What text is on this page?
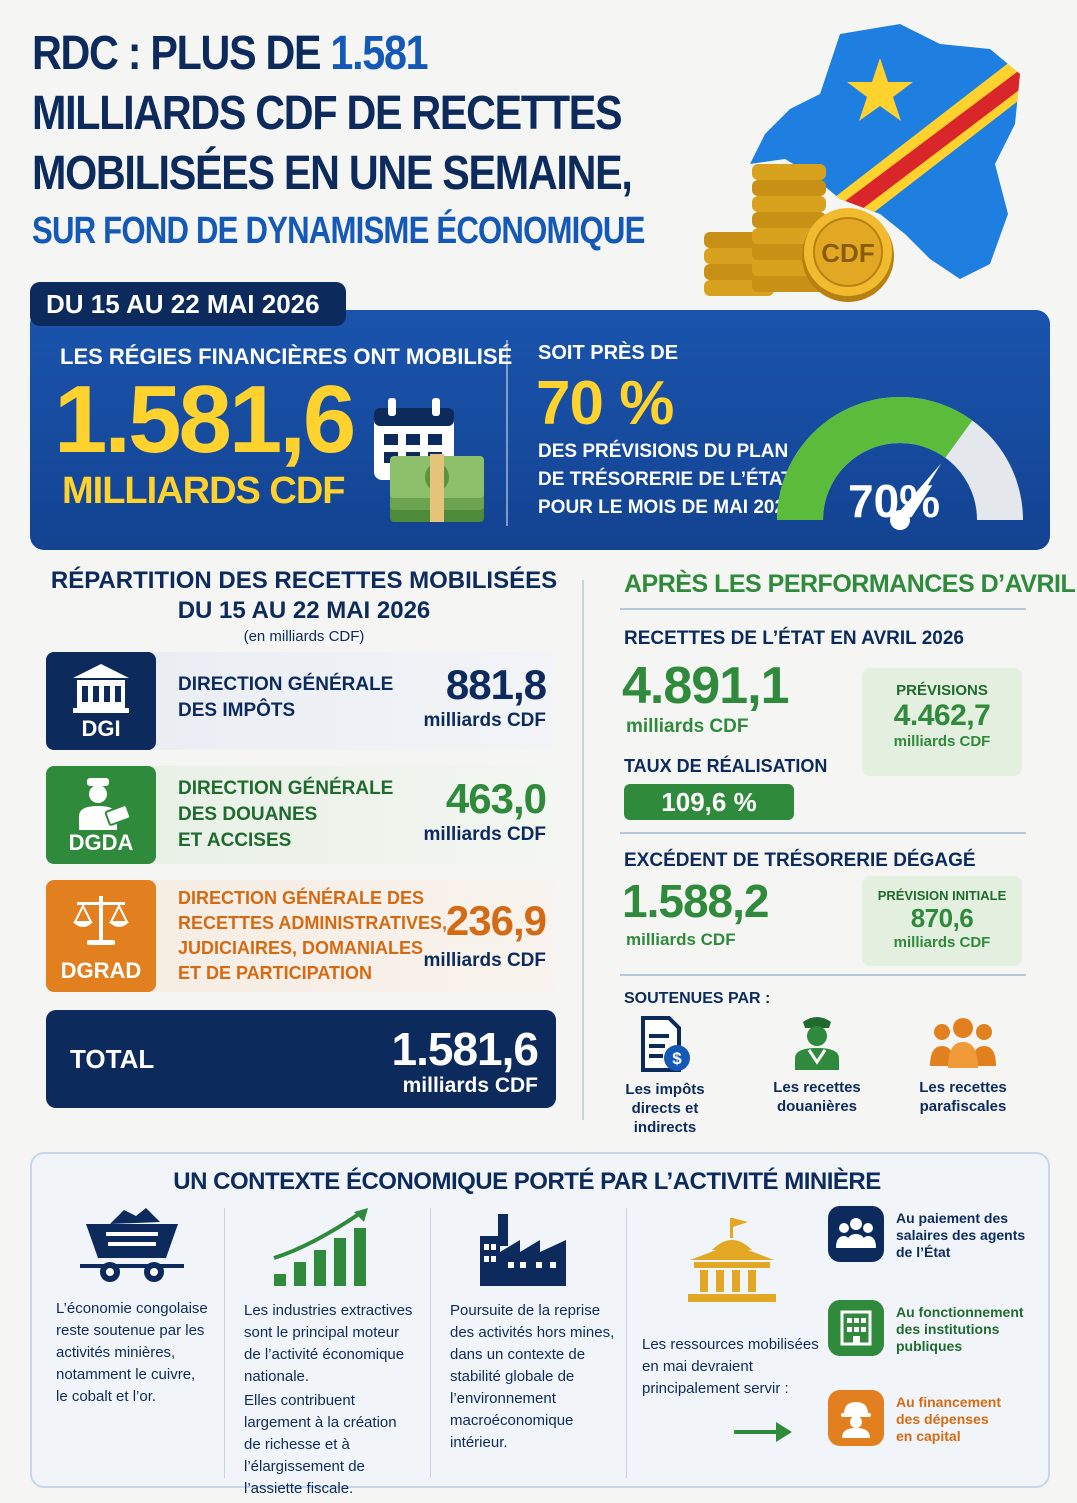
RDC : PLUS DE 1.581
MILLIARDS CDF DE RECETTES
MOBILISÉES EN UNE SEMAINE,
SUR FOND DE DYNAMISME ÉCONOMIQUE
CDF
DU 15 AU 22 MAI 2026
LES RÉGIES FINANCIÈRES ONT MOBILISÉ
1.581,6
MILLIARDS CDF
SOIT PRÈS DE
70 %
DES PRÉVISIONS DU PLAN
DE TRÉSORERIE DE L’ÉTAT
POUR LE MOIS DE MAI 2026 70%
RÉPARTITION DES RECETTES MOBILISÉES
DU 15 AU 22 MAI 2026
(en milliards CDF)
DGI
DIRECTION GÉNÉRALE
DES IMPÔTS
881,8
milliards CDF
DGDA
DIRECTION GÉNÉRALE
DES DOUANES
ET ACCISES
463,0
milliards CDF
DGRAD
DIRECTION GÉNÉRALE DES
RECETTES ADMINISTRATIVES,
JUDICIAIRES, DOMANIALES
ET DE PARTICIPATION
236,9
milliards CDF
TOTAL	1.581,6
milliards CDF
APRÈS LES PERFORMANCES D’AVRIL
RECETTES DE L’ÉTAT EN AVRIL 2026
4.891,1
milliards CDF
PRÉVISIONS
4.462,7
milliards CDF
TAUX DE RÉALISATION
109,6 %
EXCÉDENT DE TRÉSORERIE DÉGAGÉ
1.588,2
milliards CDF
PRÉVISION INITIALE
870,6
milliards CDF
SOUTENUES PAR :
$
Les impôts
directs et
indirects
Les recettes
douanières
Les recettes
parafiscales
UN CONTEXTE ÉCONOMIQUE PORTÉ PAR L’ACTIVITÉ MINIÈRE
L’économie congolaise
reste soutenue par les
activités minières,
notamment le cuivre,
le cobalt et l’or.
Les industries extractives
sont le principal moteur
de l’activité économique
nationale.
Elles contribuent
largement à la création
de richesse et à
l’élargissement de
l’assiette fiscale.
Poursuite de la reprise
des activités hors mines,
dans un contexte de
stabilité globale de
l’environnement
macroéconomique
intérieur.
Les ressources mobilisées
en mai devraient
principalement servir :
Au paiement des
salaires des agents
de l’État
Au fonctionnement
des institutions
publiques
Au financement
des dépenses
en capital
